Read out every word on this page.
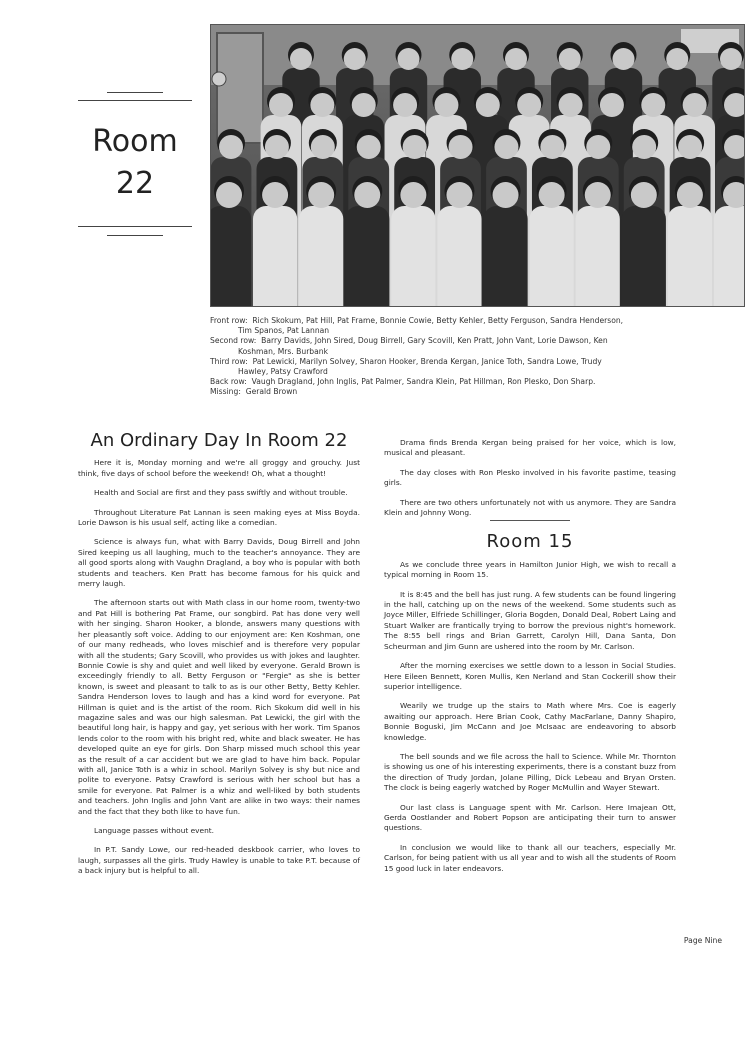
Room
22

Front row: Rich Skokum, Pat Hill, Pat Frame, Bonnie Cowie, Betty Kehler, Betty Ferguson, Sandra Henderson, Tim Spanos, Pat Lannan

Second row: Barry Davids, John Sired, Doug Birrell, Gary Scovill, Ken Pratt, John Vant, Lorie Dawson, Ken Koshman, Mrs. Burbank

Third row: Pat Lewicki, Marilyn Solvey, Sharon Hooker, Brenda Kergan, Janice Toth, Sandra Lowe, Trudy Hawley, Patsy Crawford

Back row: Vaugh Dragland, John Inglis, Pat Palmer, Sandra Klein, Pat Hillman, Ron Plesko, Don Sharp.

Missing: Gerald Brown

An Ordinary Day In Room 22

Here it is, Monday morning and we're all groggy and grouchy. Just think, five days of school before the weekend! Oh, what a thought!

Health and Social are first and they pass swiftly and without trouble.

Throughout Literature Pat Lannan is seen making eyes at Miss Boyda. Lorie Dawson is his usual self, acting like a comedian.

Science is always fun, what with Barry Davids, Doug Birrell and John Sired keeping us all laughing, much to the teacher's annoyance. They are all good sports along with Vaughn Dragland, a boy who is popular with both students and teachers. Ken Pratt has become famous for his quick and merry laugh.

The afternoon starts out with Math class in our home room, twenty-two and Pat Hill is bothering Pat Frame, our songbird. Pat has done very well with her singing. Sharon Hooker, a blonde, answers many questions with her pleasantly soft voice. Adding to our enjoyment are: Ken Koshman, one of our many redheads, who loves mischief and is therefore very popular with all the students; Gary Scovill, who provides us with jokes and laughter. Bonnie Cowie is shy and quiet and well liked by everyone. Gerald Brown is exceedingly friendly to all. Betty Ferguson or "Fergie" as she is better known, is sweet and pleasant to talk to as is our other Betty, Betty Kehler. Sandra Henderson loves to laugh and has a kind word for everyone. Pat Hillman is quiet and is the artist of the room. Rich Skokum did well in his magazine sales and was our high salesman. Pat Lewicki, the girl with the beautiful long hair, is happy and gay, yet serious with her work. Tim Spanos lends color to the room with his bright red, white and black sweater. He has developed quite an eye for girls. Don Sharp missed much school this year as the result of a car accident but we are glad to have him back. Popular with all, Janice Toth is a whiz in school. Marilyn Solvey is shy but nice and polite to everyone. Patsy Crawford is serious with her school but has a smile for everyone. Pat Palmer is a whiz and well-liked by both students and teachers. John Inglis and John Vant are alike in two ways: their names and the fact that they both like to have fun.

Language passes without event.

In P.T. Sandy Lowe, our red-headed deskbook carrier, who loves to laugh, surpasses all the girls. Trudy Hawley is unable to take P.T. because of a back injury but is helpful to all.

Drama finds Brenda Kergan being praised for her voice, which is low, musical and pleasant.

The day closes with Ron Plesko involved in his favorite pastime, teasing girls.

There are two others unfortunately not with us anymore. They are Sandra Klein and Johnny Wong.

Room 15

As we conclude three years in Hamilton Junior High, we wish to recall a typical morning in Room 15.

It is 8:45 and the bell has just rung. A few students can be found lingering in the hall, catching up on the news of the weekend. Some students such as Joyce Miller, Elfriede Schillinger, Gloria Bogden, Donald Deal, Robert Laing and Stuart Walker are frantically trying to borrow the previous night's homework. The 8:55 bell rings and Brian Garrett, Carolyn Hill, Dana Santa, Don Scheurman and Jim Gunn are ushered into the room by Mr. Carlson.

After the morning exercises we settle down to a lesson in Social Studies. Here Eileen Bennett, Koren Mullis, Ken Nerland and Stan Cockerill show their superior intelligence.

Wearily we trudge up the stairs to Math where Mrs. Coe is eagerly awaiting our approach. Here Brian Cook, Cathy MacFarlane, Danny Shapiro, Bonnie Boguski, Jim McCann and Joe McIsaac are endeavoring to absorb knowledge.

The bell sounds and we file across the hall to Science. While Mr. Thornton is showing us one of his interesting experiments, there is a constant buzz from the direction of Trudy Jordan, Jolane Pilling, Dick Lebeau and Bryan Orsten. The clock is being eagerly watched by Roger McMullin and Wayer Stewart.

Our last class is Language spent with Mr. Carlson. Here Imajean Ott, Gerda Oostlander and Robert Popson are anticipating their turn to answer questions.

In conclusion we would like to thank all our teachers, especially Mr. Carlson, for being patient with us all year and to wish all the students of Room 15 good luck in later endeavors.

Page Nine
